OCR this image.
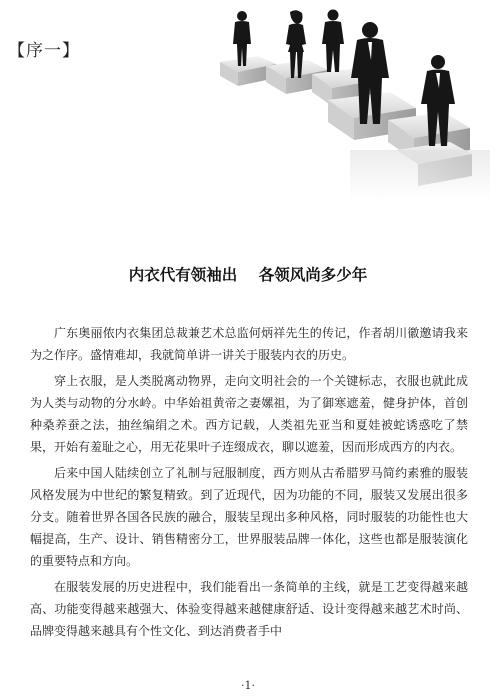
【序一】
内衣代有领袖出    各领风尚多少年

广东奥丽侬内衣集团总裁兼艺术总监何炳祥先生的传记，作者胡川徽邀请我来为之作序。盛情难却，我就简单讲一讲关于服装内衣的历史。

穿上衣服，是人类脱离动物界，走向文明社会的一个关键标志，衣服也就此成为人类与动物的分水岭。中华始祖黄帝之妻嫘祖，为了御寒遮羞，健身护体，首创种桑养蚕之法，抽丝编绢之术。西方记载，人类祖先亚当和夏娃被蛇诱惑吃了禁果，开始有羞耻之心，用无花果叶子连缀成衣，聊以遮羞，因而形成西方的内衣。

后来中国人陆续创立了礼制与冠服制度，西方则从古希腊罗马简约素雅的服装风格发展为中世纪的繁复精致。到了近现代，因为功能的不同，服装又发展出很多分支。随着世界各国各民族的融合，服装呈现出多种风格，同时服装的功能性也大幅提高，生产、设计、销售精密分工，世界服装品牌一体化，这些也都是服装演化的重要特点和方向。

在服装发展的历史进程中，我们能看出一条简单的主线，就是工艺变得越来越高、功能变得越来越强大、体验变得越来越健康舒适、设计变得越来越艺术时尚、品牌变得越来越具有个性文化、到达消费者手中

·1·
